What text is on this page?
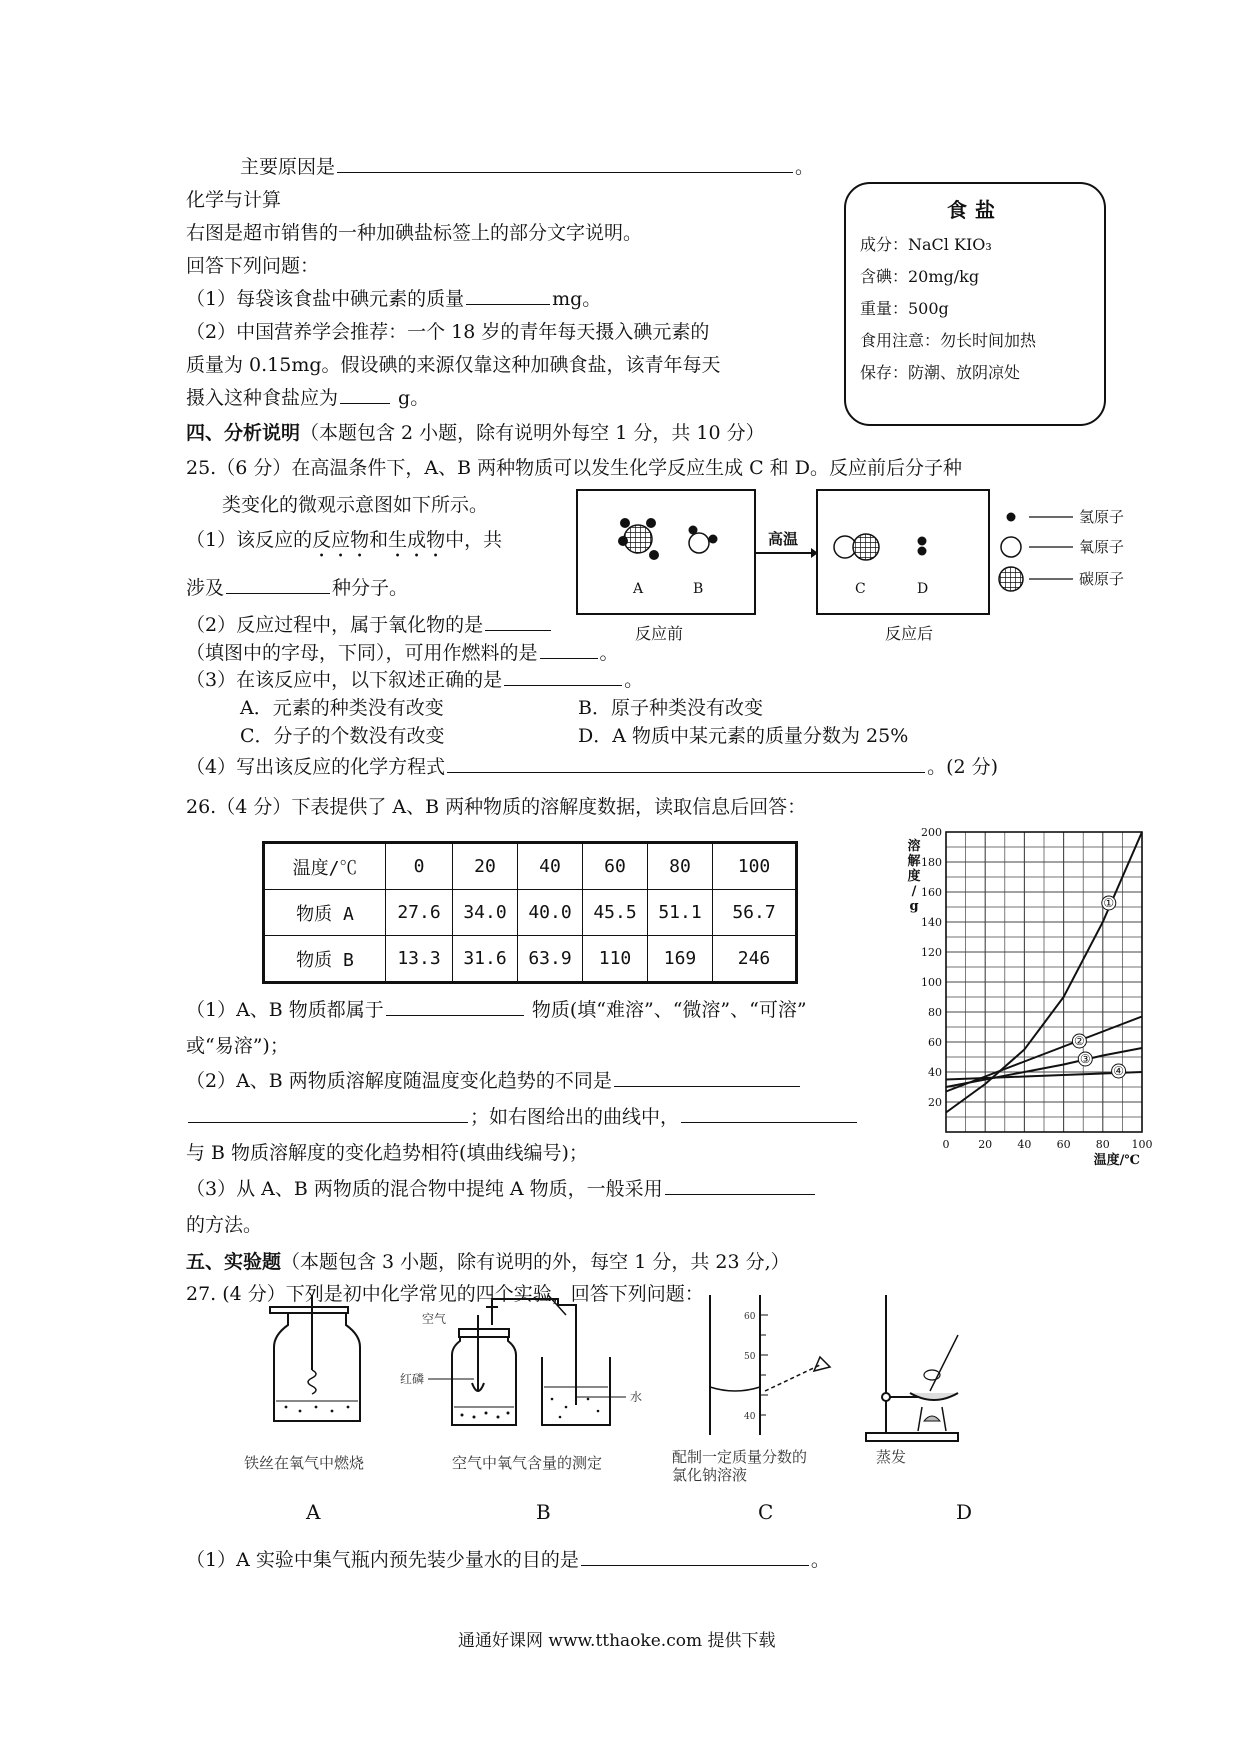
主要原因是	。
化学与计算
右图是超市销售的一种加碘盐标签上的部分文字说明。
回答下列问题：
（1）每袋该食盐中碘元素的质量	mg。
（2）中国营养学会推荐：一个 18 岁的青年每天摄入碘元素的
质量为 0.15mg。假设碘的来源仅靠这种加碘食盐，该青年每天
摄入这种食盐应为	g。
食盐
成分：NaCl KIO₃
含碘：20mg/kg
重量：500g
食用注意：勿长时间加热
保存：防潮、放阴凉处
四、分析说明（本题包含 2 小题，除有说明外每空 1 分，共 10 分）
25.（6 分）在高温条件下，A、B 两种物质可以发生化学反应生成 C 和 D。反应前后分子种
类变化的微观示意图如下所示。
（1）该反应的反应物和生成物中，共
涉及	种分子。
（2）反应过程中，属于氧化物的是
（填图中的字母，下同），可用作燃料的是	。
（3）在该反应中，以下叙述正确的是	。
A．元素的种类没有改变	B．原子种类没有改变
C．分子的个数没有改变	D．A 物质中某元素的质量分数为 25%
（4）写出该反应的化学方程式	。(2 分)
高温
A	B	C	D
反应前	反应后
氢原子
氧原子
碳原子
26.（4 分）下表提供了 A、B 两种物质的溶解度数据，读取信息后回答：
温度/℃	0	20	40	60	80	100
物质 A	27.6	34.0	40.0	45.5	51.1	56.7
物质 B	13.3	31.6	63.9	110	169	246
（1）A、B 物质都属于	物质(填“难溶”、“微溶”、“可溶”
或“易溶”)；
（2）A、B 两物质溶解度随温度变化趋势的不同是
；如右图给出的曲线中，
与 B 物质溶解度的变化趋势相符(填曲线编号)；
（3）从 A、B 两物质的混合物中提纯 A 物质，一般采用
的方法。
20
40
60
80
100
120
140
160
180
200
0	20 40 60 80 100
溶
解
度
/
g
温度/℃
①
②
③
④
五、实验题（本题包含 3 小题，除有说明的外，每空 1 分，共 23 分,）
27. (4 分）下列是初中化学常见的四个实验，回答下列问题：
空气
红磷
水
60
50
40
铁丝在氧气中燃烧	空气中氧气含量的测定	配制一定质量分数的
氯化钠溶液
蒸发
A	B	C	D
（1）A 实验中集气瓶内预先装少量水的目的是	。
通通好课网 www.tthaoke.com 提供下载
